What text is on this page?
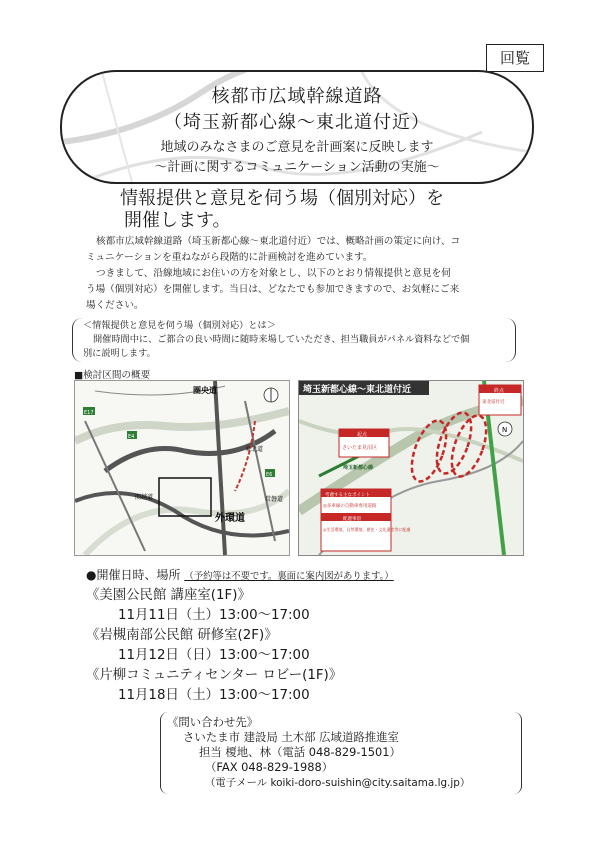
回覧
核都市広域幹線道路
（埼玉新都心線～東北道付近）
地域のみなさまのご意見を計画案に反映します
～計画に関するコミュニケーション活動の実施～
情報提供と意見を伺う場（個別対応）を
開催します。
核都市広域幹線道路（埼玉新都心線～東北道付近）では、概略計画の策定に向け、コ
ミュニケーションを重ねながら段階的に計画検討を進めています。
つきまして、沿線地域にお住いの方を対象とし、以下のとおり情報提供と意見を伺
う場（個別対応）を開催します。当日は、どなたでも参加できますので、お気軽にご来
場ください。
＜情報提供と意見を伺う場（個別対応）とは＞
開催時間中に、ご都合の良い時間に随時来場していただき、担当職員がパネル資料などで個
別に説明します。
■検討区間の概要
E17
E4
E6
圏央道
外環道
東北道
関越道	常磐道
埼玉新都心線～東北道付近	終点
東北道付近
起点
さいたま見沼区
考慮する主なポイント
◎多車線の自動車専用道路
配慮事項
◎生活環境、自然環境、歴史・文化遺産等に配慮
埼玉新都心線
N
●開催日時、場所 （予約等は不要です。裏面に案内図があります。）
《美園公民館 講座室(1F)》
11月11日（土）13:00～17:00
《岩槻南部公民館 研修室(2F)》
11月12日（日）13:00～17:00
《片柳コミュニティセンター ロビー(1F)》
11月18日（土）13:00～17:00
《問い合わせ先》
さいたま市 建設局 土木部 広域道路推進室
担当 榎地、林（電話 048-829-1501）
（FAX 048-829-1988）
（電子メール koiki-doro-suishin@city.saitama.lg.jp）
